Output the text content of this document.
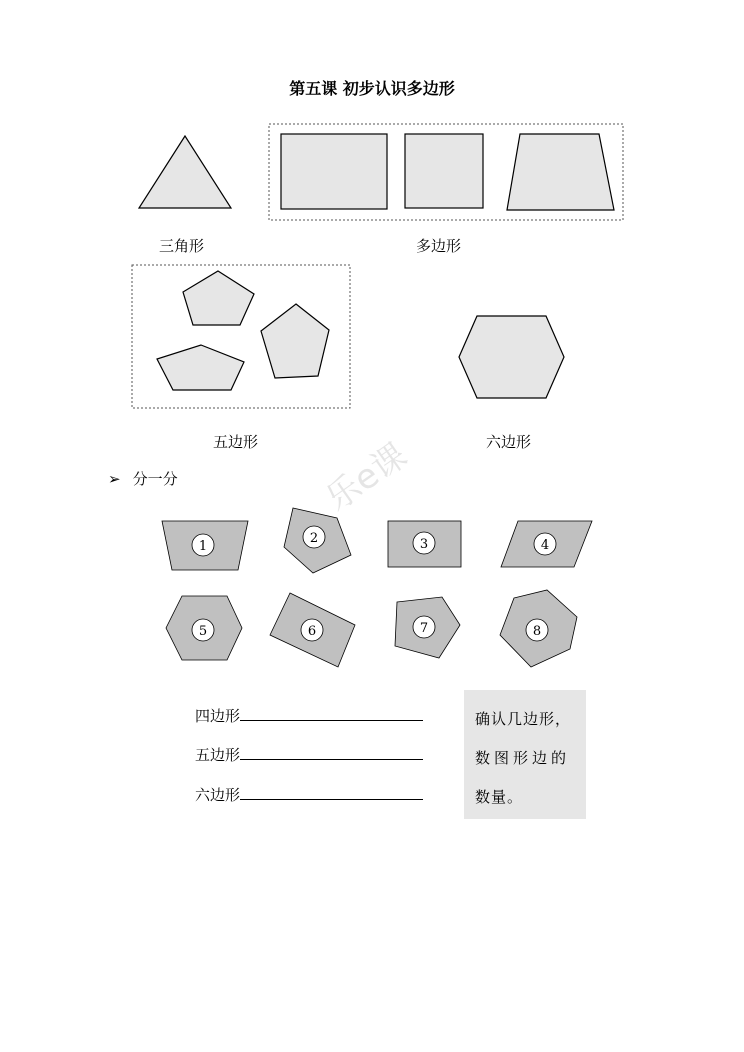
第五课 初步认识多边形
三角形	多边形
五边形	六边形
乐e课
➢ 分一分
1
2	3	4
5	6	7	8
四边形
五边形
六边形
确认几边形，
数图形边的
数量。
